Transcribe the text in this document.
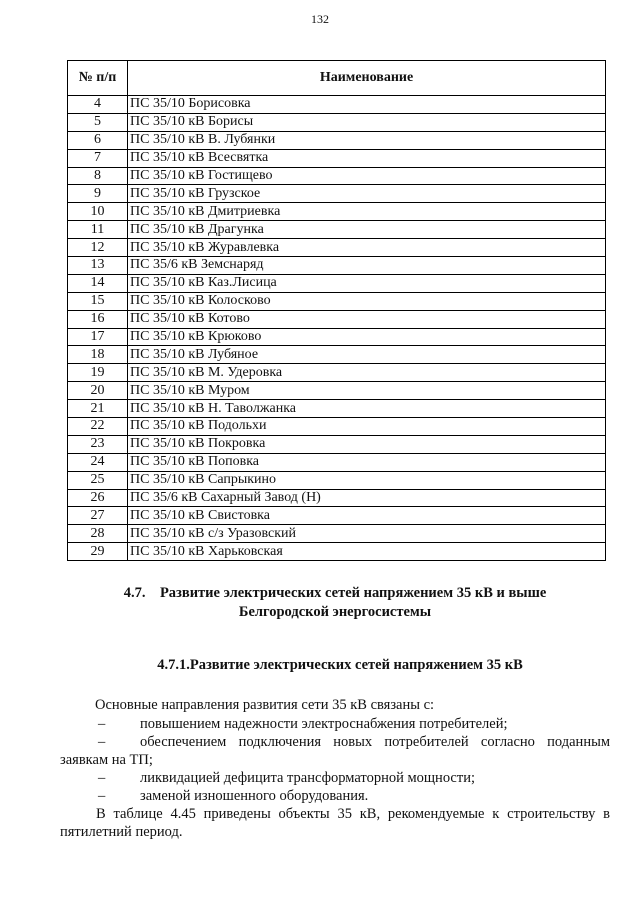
132
№ п/п	Наименование
4	ПС 35/10 Борисовка
5	ПС 35/10 кВ Борисы
6	ПС 35/10 кВ В. Лубянки
7	ПС 35/10 кВ Всесвятка
8	ПС 35/10 кВ Гостищево
9	ПС 35/10 кВ Грузское
10	ПС 35/10 кВ Дмитриевка
11	ПС 35/10 кВ Драгунка
12	ПС 35/10 кВ Журавлевка
13	ПС 35/6 кВ Земснаряд
14	ПС 35/10 кВ Каз.Лисица
15	ПС 35/10 кВ Колосково
16	ПС 35/10 кВ Котово
17	ПС 35/10 кВ Крюково
18	ПС 35/10 кВ Лубяное
19	ПС 35/10 кВ М. Удеровка
20	ПС 35/10 кВ Муром
21	ПС 35/10 кВ Н. Таволжанка
22	ПС 35/10 кВ Подольхи
23	ПС 35/10 кВ Покровка
24	ПС 35/10 кВ Поповка
25	ПС 35/10 кВ Сапрыкино
26	ПС 35/6 кВ Сахарный Завод (Н)
27	ПС 35/10 кВ Свистовка
28	ПС 35/10 кВ с/з Уразовский
29	ПС 35/10 кВ Харьковская
4.7.    Развитие электрических сетей напряжением 35 кВ и выше
Белгородской энергосистемы
4.7.1.Развитие электрических сетей напряжением 35 кВ
Основные направления развития сети 35 кВ связаны с:
– повышением надежности электроснабжения потребителей;
– обеспечением подключения новых потребителей согласно поданным
заявкам на ТП;
– ликвидацией дефицита трансформаторной мощности;
– заменой изношенного оборудования.
В таблице 4.45 приведены объекты 35 кВ, рекомендуемые к строительству в пятилетний период.
